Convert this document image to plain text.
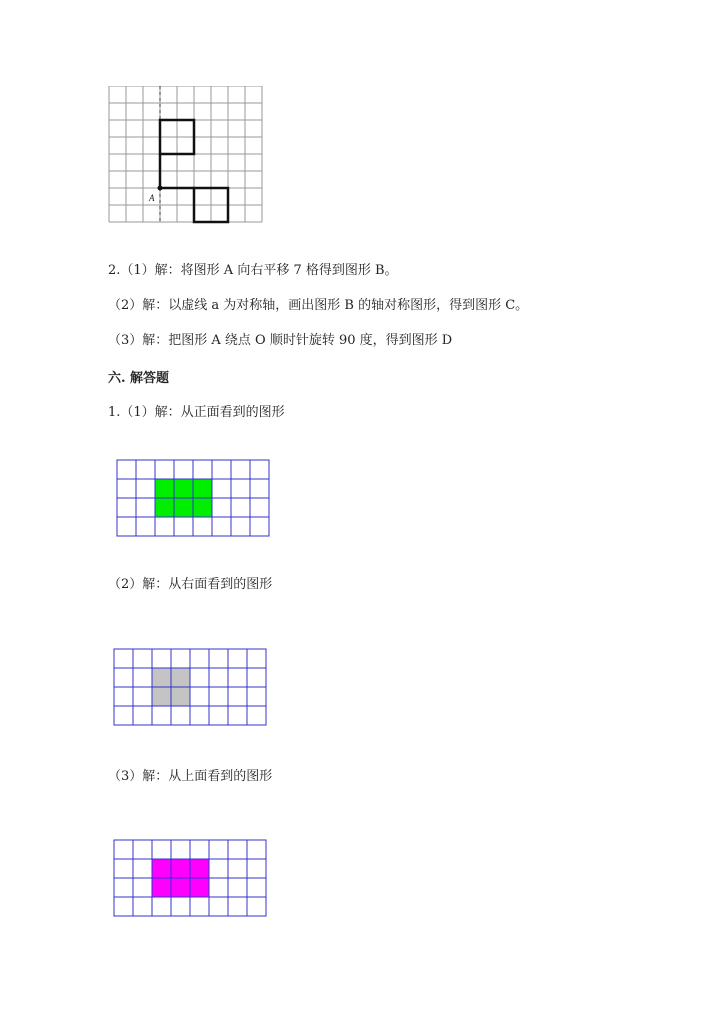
A
2.（1）解：将图形 A 向右平移 7 格得到图形 B。
（2）解：以虚线 a 为对称轴，画出图形 B 的轴对称图形，得到图形 C。
（3）解：把图形 A 绕点 O 顺时针旋转 90 度，得到图形 D
六. 解答题
1.（1）解：从正面看到的图形
（2）解：从右面看到的图形
（3）解：从上面看到的图形
